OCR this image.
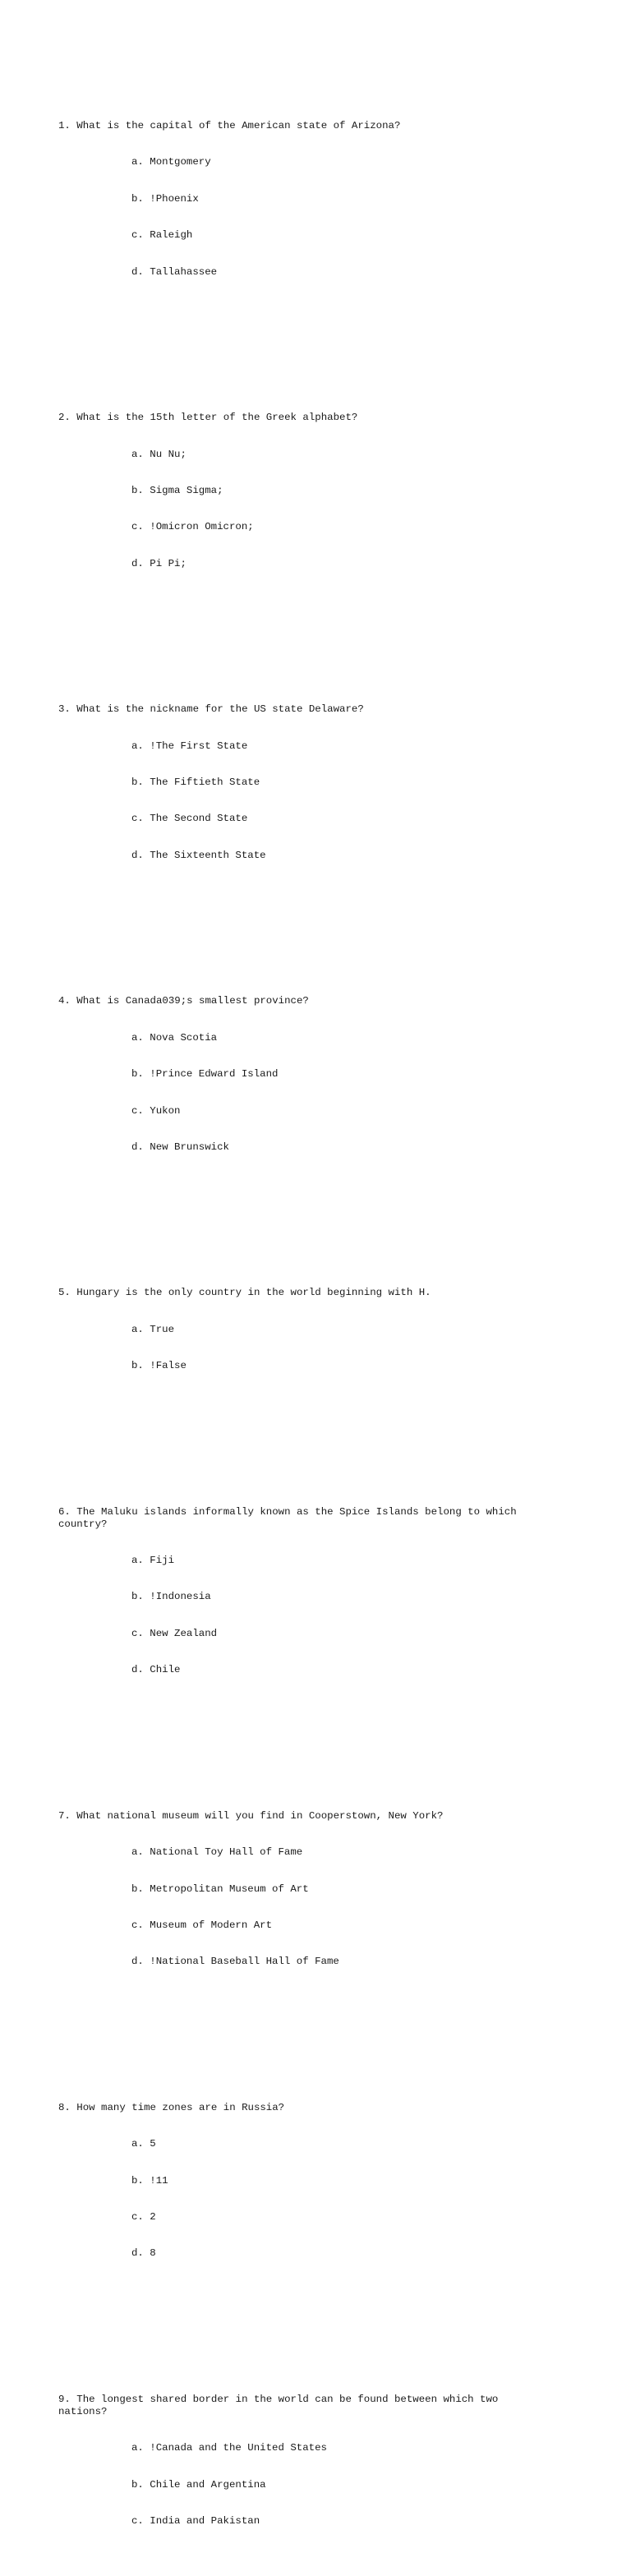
1. What is the capital of the American state of Arizona?

a. Montgomery

b. !Phoenix

c. Raleigh

d. Tallahassee

2. What is the 15th letter of the Greek alphabet?

a. Nu Nu;

b. Sigma Sigma;

c. !Omicron Omicron;

d. Pi Pi;

3. What is the nickname for the US state Delaware?

a. !The First State

b. The Fiftieth State

c. The Second State

d. The Sixteenth State

4. What is Canada039;s smallest province?

a. Nova Scotia

b. !Prince Edward Island

c. Yukon

d. New Brunswick

5. Hungary is the only country in the world beginning with H.

a. True

b. !False

6. The Maluku islands informally known as the Spice Islands belong to which country?

a. Fiji

b. !Indonesia

c. New Zealand

d. Chile

7. What national museum will you find in Cooperstown, New York?

a. National Toy Hall of Fame

b. Metropolitan Museum of Art

c. Museum of Modern Art

d. !National Baseball Hall of Fame

8. How many time zones are in Russia?

a. 5

b. !11

c. 2

d. 8

9. The longest shared border in the world can be found between which two nations?

a. !Canada and the United States

b. Chile and Argentina

c. India and Pakistan
